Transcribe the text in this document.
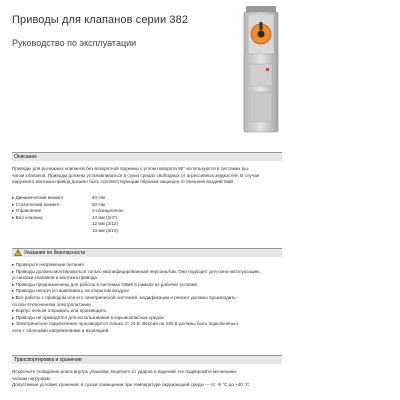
Приводы для клапанов серии 382
Руководство по эксплуатации
Описание
Приводы для рычажных клапанов без возвратной пружины с углом поворота 90° используются в системах ры-
чагом клапанов. Приводы должны устанавливаться в сухих средах свободных от агрессивных жидкостей. В случае
наружного монтажа привод должен быть соответствующим образом защищен от внешних воздействий
▸ Динамический момент	40 Нм
▸ Статический момент	50 Нм
▸ Управление	2-позиционное
▸ Вал клапана	14 мм (3/4")
12 мм (3/12)
10 мм (3/10)
Указания по безопасности
▸ Проверьте напряжение питания
▸ Приводы должны монтироваться только квалифицированным персоналом. Они подходят для сина-эксплуатацию,
установки клапанов и монтажа привода
▸ Приводы предназначены для работы в системах ОВиК в рамках их рабочих условий
▸ Приводы нельзя устанавливать на открытом воздухе
▸ Все работы с приводом или его электрической системой, модификации и ремонт должны производить-
ся при отключенном электропитании
▸ Корпус нельзя открывать или производить
▸ Приводы не приводятся для использования в взрывоопасных средах
▸ Электрическое подключение производится только от 24 В. Версии на 230 В должны быть подключены к
сети с опасными напряжениями и изоляцией
Транспортировка и хранение
Исключите попадание влаги внутрь упаковки. Берегите от ударов и падений. Не подвергайте ме-механи-
ческим нагрузкам
Допустимые условия хранения: в сухом помещении при температуре окружающей среды — от -5 °C до +40 °C
